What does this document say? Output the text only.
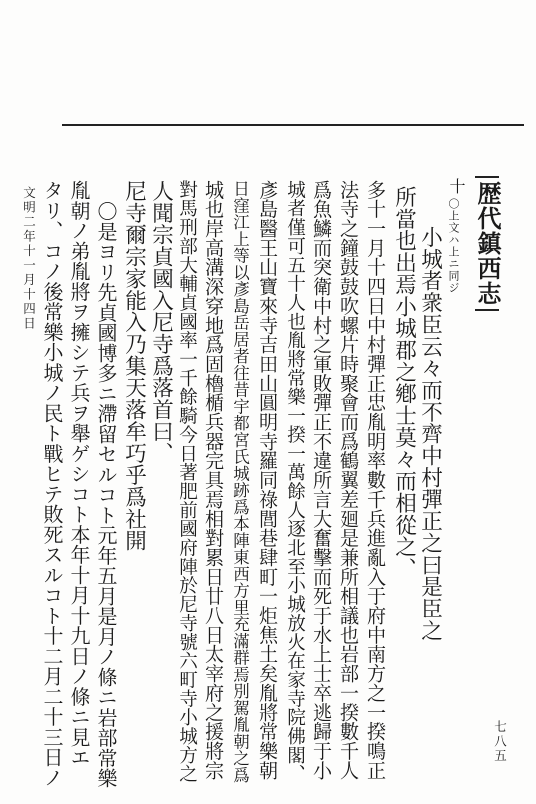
歴代鎮西志
十
〇上文ハ上ニ同ジ
小城者衆臣云々而不齊中村彈正之曰是臣之
所當也出焉小城郡之鄕士莫々而相從之、
多十一月十四日中村彈正忠胤明率數千兵進亂入于府中南方之一揆鳴正
法寺之鐘鼓鼓吹螺片時聚會而爲鶴翼差廻是兼所相議也岩部一揆數千人
爲魚鱗而突衛中村之軍敗彈正不違所言大奮擊而死于水上士卒逃歸于小
城者僅可五十人也胤將常樂一揆一萬餘人逐北至小城放火在家寺院佛閣、
彥島醫王山寶來寺吉田山圓明寺羅同祿閭巷肆町一炬焦土矣胤將常樂朝
日窪江上等以彥島岳居者往昔宇都宮氏城跡爲本陣東西方里充滿群焉別駕胤朝之爲
城也岸高溝深穿地爲固櫓楯兵器完具焉相對累日廿八日太宰府之援將宗
對馬刑部大輔貞國率一千餘騎今日著肥前國府陣於尼寺號六町寺小城方之
人聞宗貞國入尼寺爲落首曰、
尼寺爾宗家能入乃集天落牟巧乎爲社開
〇是ヨリ先貞國博多ニ滯留セルコト元年五月是月ノ條ニ岩部常樂
胤朝ノ弟胤將ヲ擁シテ兵ヲ舉ゲシコト本年十月十九日ノ條ニ見エ
タリ、コノ後常樂小城ノ民ト戰ヒテ敗死スルコト十二月二十三日ノ
文明二年十一月十四日
七八五
